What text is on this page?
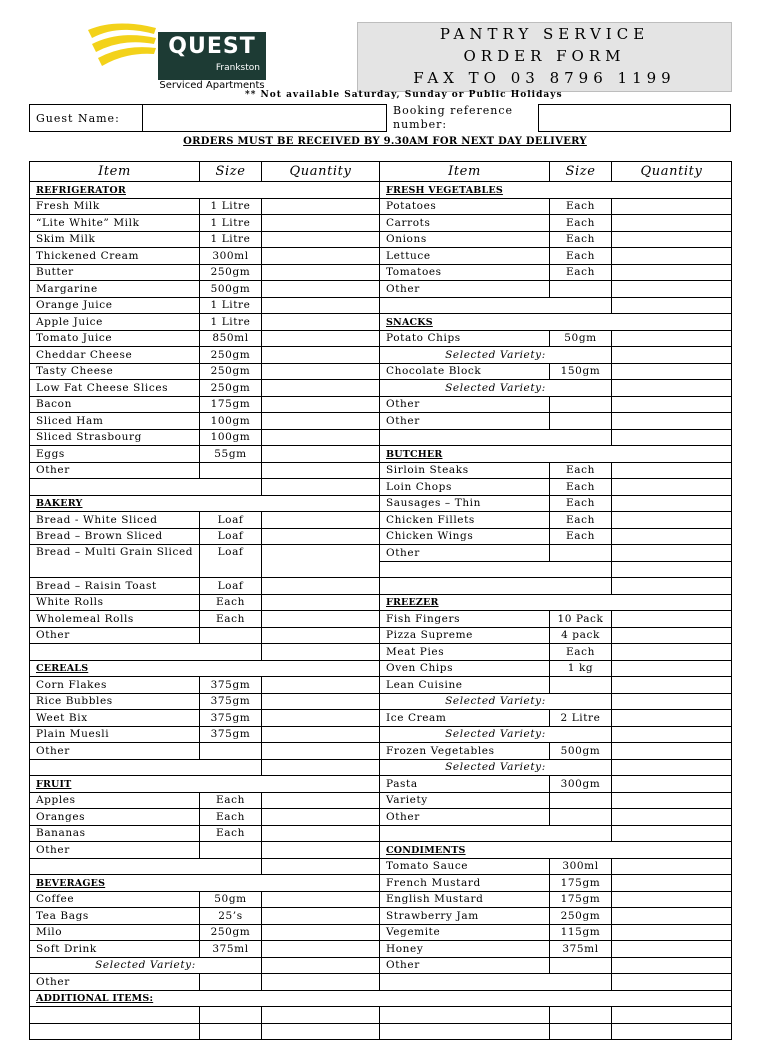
QUEST
Frankston
Serviced Apartments
PANTRY SERVICE
ORDER FORM
FAX TO 03 8796 1199
** Not available Saturday, Sunday or Public Holidays
Guest Name:
Booking reference number:
ORDERS MUST BE RECEIVED BY 9.30AM FOR NEXT DAY DELIVERY
Item	Size	Quantity	Item	Size	Quantity
REFRIGERATOR			FRESH VEGETABLES		
Fresh Milk	1 Litre		Potatoes	Each	
“Lite White” Milk	1 Litre		Carrots	Each	
Skim Milk	1 Litre		Onions	Each	
Thickened Cream	300ml		Lettuce	Each	
Butter	250gm		Tomatoes	Each	
Margarine	500gm		Other		
Orange Juice	1 Litre				
Apple Juice	1 Litre		SNACKS		
Tomato Juice	850ml		Potato Chips	50gm	
Cheddar Cheese	250gm		Selected Variety:		
Tasty Cheese	250gm		Chocolate Block	150gm	
Low Fat Cheese Slices	250gm		Selected Variety:		
Bacon	175gm		Other		
Sliced Ham	100gm		Other		
Sliced Strasbourg	100gm				
Eggs	55gm		BUTCHER		
Other			Sirloin Steaks	Each	
			Loin Chops	Each	
BAKERY			Sausages – Thin	Each	
Bread - White Sliced	Loaf		Chicken Fillets	Each	
Bread – Brown Sliced	Loaf		Chicken Wings	Each	
Bread – Multi Grain Sliced	Loaf		Other		

Bread – Raisin Toast	Loaf				
White Rolls	Each		FREEZER		
Wholemeal Rolls	Each		Fish Fingers	10 Pack	
Other			Pizza Supreme	4 pack	
			Meat Pies	Each	
CEREALS			Oven Chips	1 kg	
Corn Flakes	375gm		Lean Cuisine		
Rice Bubbles	375gm		Selected Variety:		
Weet Bix	375gm		Ice Cream	2 Litre	
Plain Muesli	375gm		Selected Variety:		
Other			Frozen Vegetables	500gm	
			Selected Variety:		
FRUIT			Pasta	300gm	
Apples	Each		Variety		
Oranges	Each		Other		
Bananas	Each				
Other			CONDIMENTS		
			Tomato Sauce	300ml	
BEVERAGES			French Mustard	175gm	
Coffee	50gm		English Mustard	175gm	
Tea Bags	25’s		Strawberry Jam	250gm	
Milo	250gm		Vegemite	115gm	
Soft Drink	375ml		Honey	375ml	
Selected Variety:			Other		
Other					
ADDITIONAL ITEMS:					
